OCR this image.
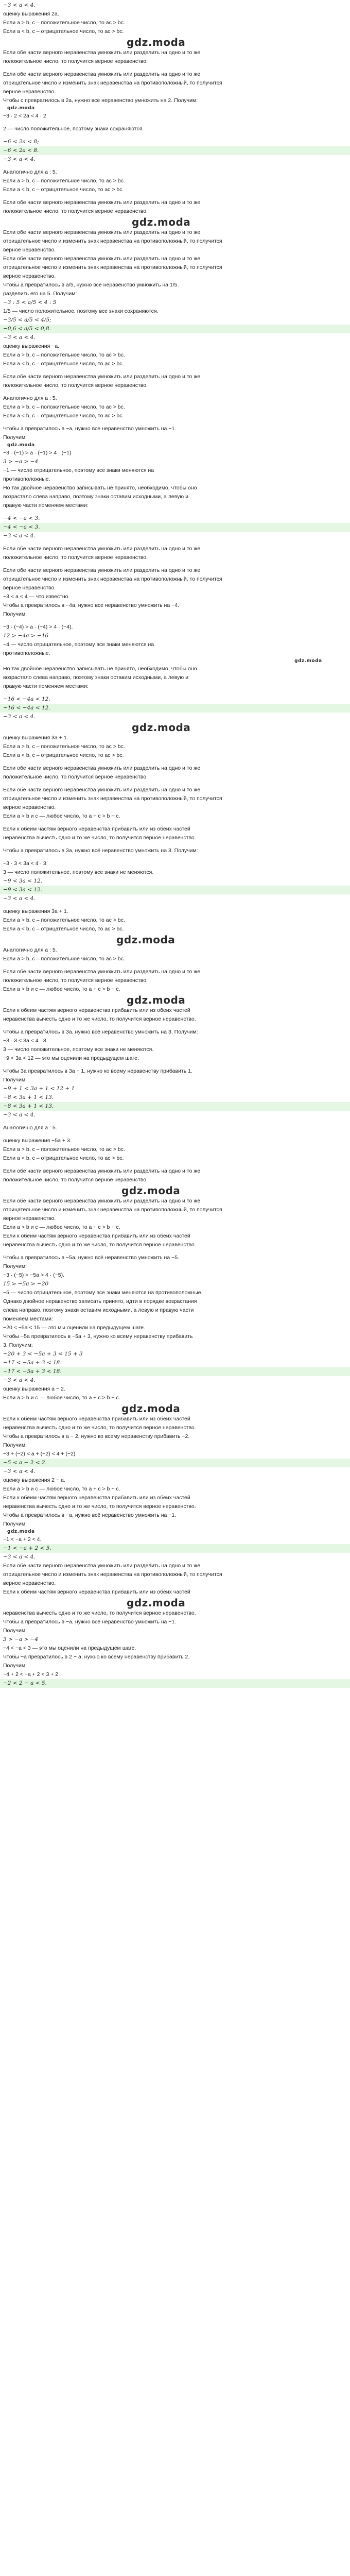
−3 < a < 4.
оценку выражения 2a.
Если a > b, c – положительное число, то ac > bc.
Если a < b, c – отрицательное число, то ac > bc.
gdz.moda
Если обе части верного неравенства умножить или разделить на одно и то же
положительное число, то получится верное неравенство.
Если обе части верного неравенства умножить или разделить на одно и то же
отрицательное число и изменить знак неравенства на противоположный, то получится
верное неравенство.
Чтобы с превратилось в 2a, нужно все неравенство умножить на 2. Получим:
gdz.moda
−3 · 2 < 2a < 4 · 2
2 — число положительное, поэтому знаки сохраняются.
−6 < 2a < 8;
−6 < 2a < 8.
−3 < a < 4.
Аналогично для a : 5.
Если a > b, c – положительное число, то ac > bc.
Если a < b, c – отрицательное число, то ac > bc.
Если обе части верного неравенства умножить или разделить на одно и то же
положительное число, то получится верное неравенство.
gdz.moda
Если обе части верного неравенства умножить или разделить на одно и то же
отрицательное число и изменить знак неравенства на противоположный, то получится
верное неравенство.
Если обе части верного неравенства умножить или разделить на одно и то же
отрицательное число и изменить знак неравенства на противоположный, то получится
верное неравенство.
Чтобы a превратилось в a/5, нужно все неравенство умножить на 1/5.
разделить его на 5. Получим:
−3 : 5 < a/5 < 4 : 5
1/5 — число положительное, поэтому все знаки сохраняются.
−3/5 < a/5 < 4/5;
−0,6 < a/5 < 0,8.
−3 < a < 4.
оценку выражения −a.
Если a > b, c – положительное число, то ac > bc.
Если a < b, c – отрицательное число, то ac > bc.
Если обе части верного неравенства умножить или разделить на одно и то же
положительное число, то получится верное неравенство.
Аналогично для a : 5.
Если a > b, c – положительное число, то ac > bc.
Если a < b, c – отрицательное число, то ac > bc.
Чтобы a превратилось в −a, нужно все неравенство умножить на −1.
Получим:
gdz.moda
−3 · (−1) > a · (−1) > 4 · (−1)
3 > −a > −4
−1 — число отрицательное, поэтому все знаки меняются на
противоположные.
Но так двойное неравенство записывать не принято, необходимо, чтобы оно
возрастало слева направо, поэтому знаки оставим исходными, а левую и
правую части поменяем местами:
−4 < −a < 3.
−4 < −a < 3.
−3 < a < 4.
Если обе части верного неравенства умножить или разделить на одно и то же
положительное число, то получится верное неравенство.
Если обе части верного неравенства умножить или разделить на одно и то же
отрицательное число и изменить знак неравенства на противоположный, то получится
верное неравенство.
−3 < a < 4 — что известно.
Чтобы a превратилось в −4a, нужно все неравенство умножить на −4.
Получим:
−3 · (−4) > a · (−4) > 4 · (−4).
12 > −4a > −16
−4 — число отрицательное, поэтому все знаки меняются на
противоположные.
gdz.moda
Но так двойное неравенство записывать не принято, необходимо, чтобы оно
возрастало слева направо, поэтому знаки оставим исходными, а левую и
правую части поменяем местами:
−16 < −4a < 12.
−16 < −4a < 12.
−3 < a < 4.
gdz.moda
оценку выражения 3a + 1.
Если a > b, c – положительное число, то ac > bc.
Если a < b, c – отрицательное число, то ac > bc.
Если обе части верного неравенства умножить или разделить на одно и то же
положительное число, то получится верное неравенство.
Если обе части верного неравенства умножить или разделить на одно и то же
отрицательное число и изменить знак неравенства на противоположный, то получится
верное неравенство.
Если a > b и c — любое число, то a + c > b + c.
Если к обеим частям верного неравенства прибавить или из обеих частей
неравенства вычесть одно и то же число, то получится верное неравенство.
Чтобы a превратилось в 3a, нужно всё неравенство умножить на 3. Получим:
−3 · 3 < 3a < 4 · 3
3 — число положительное, поэтому все знаки не меняются.
−9 < 3a < 12.
−9 < 3a < 12.
−3 < a < 4.
оценку выражения 3a + 1.
Если a > b, c – положительное число, то ac > bc.
Если a < b, c – отрицательное число, то ac > bc.
gdz.moda
Аналогично для a : 5.
Если a > b, c – положительное число, то ac > bc.
Если обе части верного неравенства умножить или разделить на одно и то же
положительное число, то получится верное неравенство.
Если a > b и c — любое число, то a + c > b + c.
gdz.moda
Если к обеим частям верного неравенства прибавить или из обеих частей
неравенства вычесть одно и то же число, то получится верное неравенство.
Чтобы a превратилось в 3a, нужно всё неравенство умножить на 3. Получим:
−3 · 3 < 3a < 4 · 3
3 — число положительное, поэтому все знаки не меняются.
−9 < 3a < 12 — это мы оценили на предыдущем шаге.
Чтобы 3a превратилось в 3a + 1, нужно ко всему неравенству прибавить 1.
Получим:
−9 + 1 < 3a + 1 < 12 + 1
−8 < 3a + 1 < 13.
−8 < 3a + 1 < 13.
−3 < a < 4.
Аналогично для a : 5.
оценку выражения −5a + 3.
Если a > b, c – положительное число, то ac > bc.
Если a < b, c – отрицательное число, то ac > bc.
Если обе части верного неравенства умножить или разделить на одно и то же
положительное число, то получится верное неравенство.
gdz.moda
Если обе части верного неравенства умножить или разделить на одно и то же
отрицательное число и изменить знак неравенства на противоположный, то получится
верное неравенство.
Если a > b и c — любое число, то a + c > b + c.
Если к обеим частям верного неравенства прибавить или из обеих частей
неравенства вычесть одно и то же число, то получится верное неравенство.
Чтобы a превратилось в −5a, нужно всё неравенство умножить на −5.
Получим:
−3 · (−5) > −5a > 4 · (−5).
15 > −5a > −20
−5 — число отрицательное, поэтому все знаки меняются на противоположные.
Однако двойное неравенство записать принято, идти в порядке возрастания
слева направо, поэтому знаки оставим исходными, а левую и правую части
поменяем местами:
−20 < −5a < 15 — это мы оценили на предыдущем шаге.
Чтобы −5a превратилось в −5a + 3, нужно ко всему неравенству прибавить
3. Получим:
−20 + 3 < −5a + 3 < 15 + 3
−17 < −5a + 3 < 18.
−17 < −5a + 3 < 18.
−3 < a < 4.
оценку выражения a − 2.
Если a > b и c — любое число, то a + c > b + c.
gdz.moda
Если к обеим частям верного неравенства прибавить или из обеих частей
неравенства вычесть одно и то же число, то получится верное неравенство.
Чтобы a превратилось в a − 2, нужно ко всему неравенству прибавить −2.
Получим:
−3 + (−2) < a + (−2) < 4 + (−2)
−5 < a − 2 < 2.
−3 < a < 4.
оценку выражения 2 − a.
Если a > b и c — любое число, то a + c > b + c.
Если к обеим частям верного неравенства прибавить или из обеих частей
неравенства вычесть одно и то же число, то получится верное неравенство.
Чтобы a превратилось в −a, нужно всё неравенство умножить на −1.
Получим:
gdz.moda
−1 < −a + 2 < 4.
−1 < −a + 2 < 5.
−3 < a < 4.
Если обе части верного неравенства умножить или разделить на одно и то же
отрицательное число и изменить знак неравенства на противоположный, то получится
верное неравенство.
Если к обеим частям верного неравенства прибавить или из обеих частей
gdz.moda
неравенства вычесть одно и то же число, то получится верное неравенство.
Чтобы a превратилось в −a, нужно всё неравенство умножить на −1.
Получим:
3 > −a > −4
−4 < −a < 3 — это мы оценили на предыдущем шаге.
Чтобы −a превратилось в 2 − a, нужно ко всему неравенству прибавить 2.
Получим:
−4 + 2 < −a + 2 < 3 + 2
−2 < 2 − a < 5.
